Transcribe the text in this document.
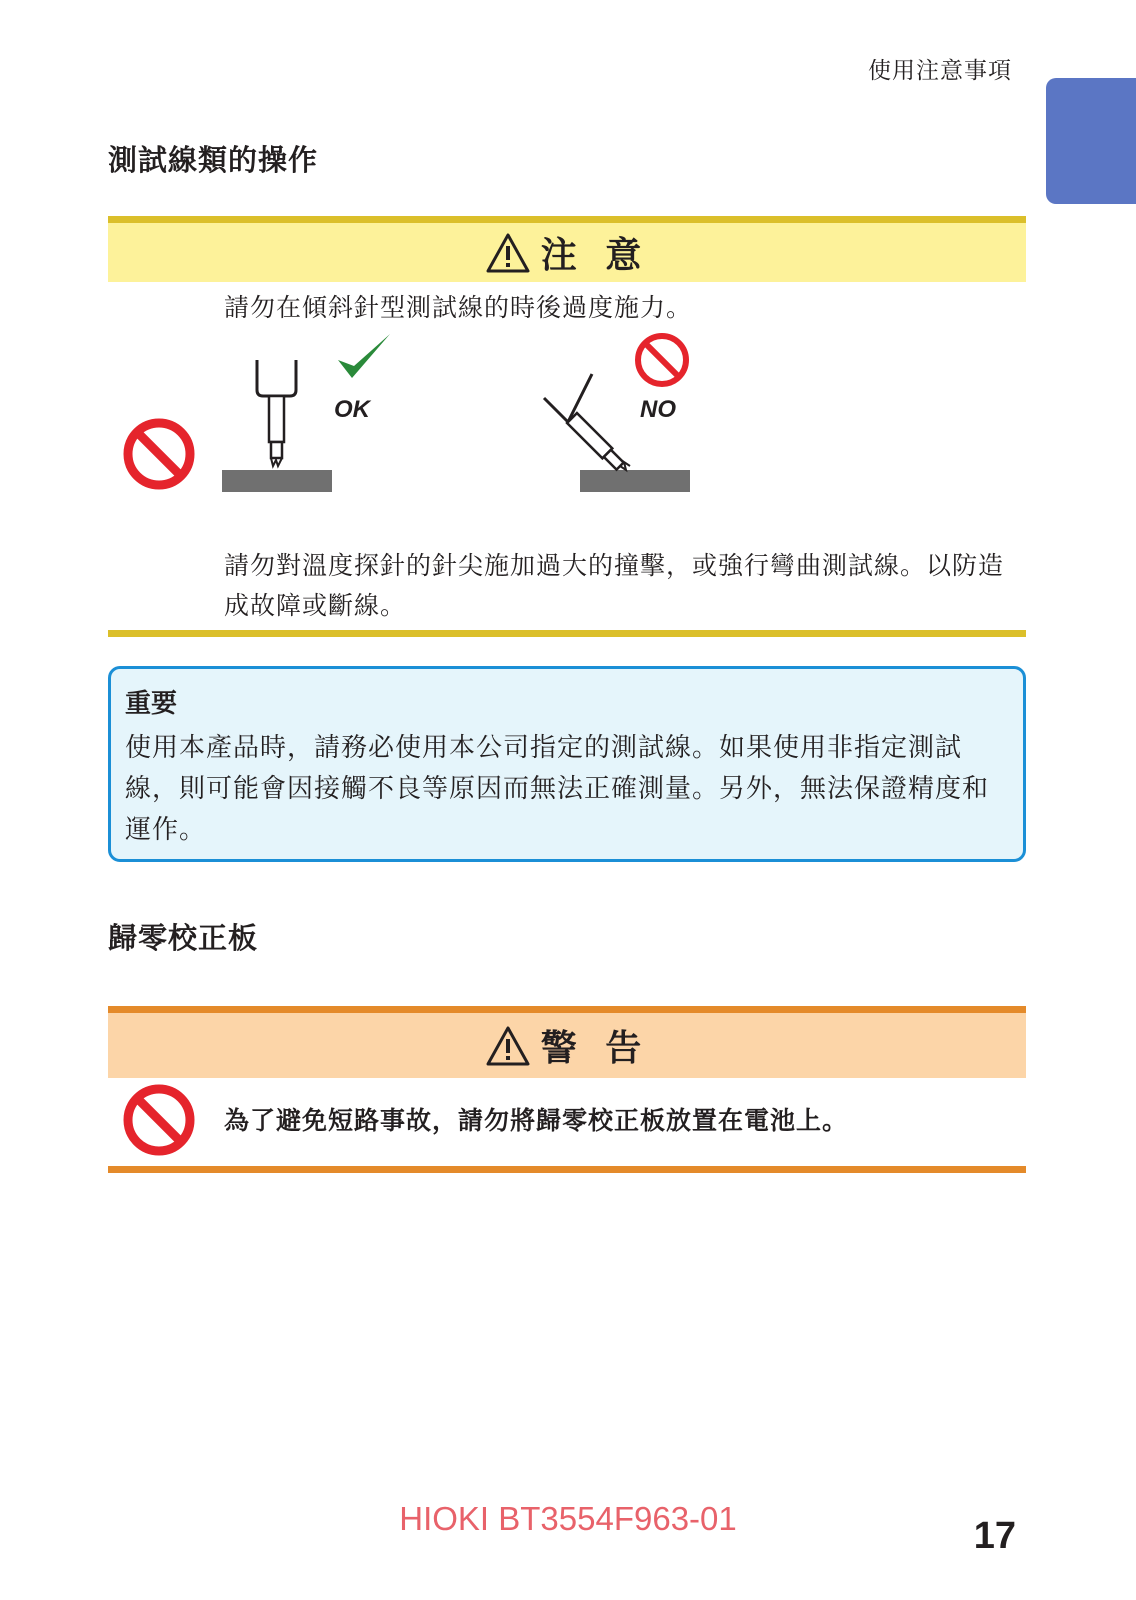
使用注意事項
測試線類的操作
注 意
請勿在傾斜針型測試線的時後過度施力。
OK	NO
請勿對溫度探針的針尖施加過大的撞擊，或強行彎曲測試線。以防造成故障或斷線。
重要
使用本產品時，請務必使用本公司指定的測試線。如果使用非指定測試線，則可能會因接觸不良等原因而無法正確測量。另外，無法保證精度和運作。
歸零校正板
警 告
為了避免短路事故，請勿將歸零校正板放置在電池上。
HIOKI BT3554F963-01	17
